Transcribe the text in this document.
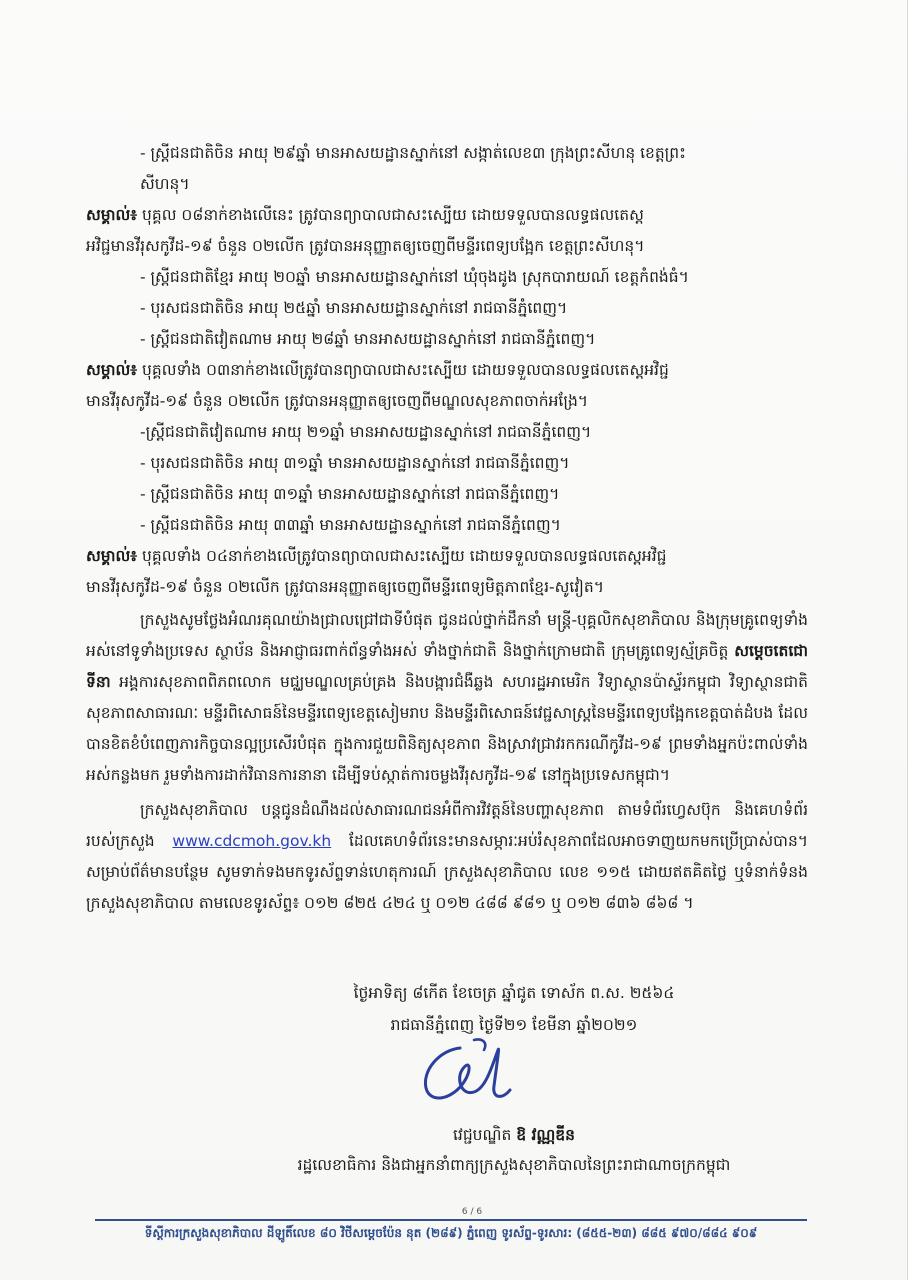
- ស្ត្រីជនជាតិចិន អាយុ ២៩ឆ្នាំ មានអាសយដ្ឋានស្នាក់នៅ សង្កាត់លេខ៣ ក្រុងព្រះសីហនុ ខេត្តព្រះ

សីហនុ។

សម្គាល់៖ បុគ្គល ០៨នាក់ខាងលើនេះ ត្រូវបានព្យាបាលជាសះស្បើយ ដោយទទួលបានលទ្ធផលតេស្ត

អវិជ្ជមានវីរុសកូវីដ-១៩ ចំនួន ០២លើក ត្រូវបានអនុញ្ញាតឲ្យចេញពីមន្ទីរពេទ្យបង្អែក ខេត្តព្រះសីហនុ។

- ស្ត្រីជនជាតិខ្មែរ អាយុ ២០ឆ្នាំ មានអាសយដ្ឋានស្នាក់នៅ ឃុំចុងដូង ស្រុកបារាយណ៍ ខេត្តកំពង់ធំ។

- បុរសជនជាតិចិន អាយុ ២៥ឆ្នាំ មានអាសយដ្ឋានស្នាក់នៅ រាជធានីភ្នំពេញ។

- ស្ត្រីជនជាតិវៀតណាម អាយុ ២៨ឆ្នាំ មានអាសយដ្ឋានស្នាក់នៅ រាជធានីភ្នំពេញ។

សម្គាល់៖ បុគ្គលទាំង ០៣នាក់ខាងលើត្រូវបានព្យាបាលជាសះស្បើយ ដោយទទួលបានលទ្ធផលតេស្តអវិជ្ជ

មានវីរុសកូវីដ-១៩ ចំនួន ០២លើក ត្រូវបានអនុញ្ញាតឲ្យចេញពីមណ្ឌលសុខភាពចាក់អង្រែ។

-ស្ត្រីជនជាតិវៀតណាម អាយុ ២១ឆ្នាំ មានអាសយដ្ឋានស្នាក់នៅ រាជធានីភ្នំពេញ។

- បុរសជនជាតិចិន អាយុ ៣១ឆ្នាំ មានអាសយដ្ឋានស្នាក់នៅ រាជធានីភ្នំពេញ។

- ស្ត្រីជនជាតិចិន អាយុ ៣១ឆ្នាំ មានអាសយដ្ឋានស្នាក់នៅ រាជធានីភ្នំពេញ។

- ស្ត្រីជនជាតិចិន អាយុ ៣៣ឆ្នាំ មានអាសយដ្ឋានស្នាក់នៅ រាជធានីភ្នំពេញ។

សម្គាល់៖ បុគ្គលទាំង ០៤នាក់ខាងលើត្រូវបានព្យាបាលជាសះស្បើយ ដោយទទួលបានលទ្ធផលតេស្តអវិជ្ជ

មានវីរុសកូវីដ-១៩ ចំនួន ០២លើក ត្រូវបានអនុញ្ញាតឲ្យចេញពីមន្ទីរពេទ្យមិត្តភាពខ្មែរ-សូវៀត។

ក្រសួងសូមថ្លែងអំណរគុណយ៉ាងជ្រាលជ្រៅជាទីបំផុត ជូនដល់ថ្នាក់ដឹកនាំ មន្ត្រី-បុគ្គលិកសុខាភិបាល និងក្រុមគ្រូពេទ្យទាំងអស់នៅទូទាំងប្រទេស ស្ថាប័ន និងអាជ្ញាធរពាក់ព័ន្ធទាំងអស់ ទាំងថ្នាក់ជាតិ និងថ្នាក់ក្រោមជាតិ ក្រុមគ្រូពេទ្យស្ម័គ្រចិត្ត សម្តេចតេជោ ទីនា អង្គការសុខភាពពិភពលោក មជ្ឈមណ្ឌលគ្រប់គ្រង និងបង្ការជំងឺឆ្លង សហរដ្ឋអាមេរិក វិទ្យាស្ថានប៉ាស្ទ័រកម្ពុជា វិទ្យាស្ថានជាតិសុខភាពសាធារណៈ មន្ទីរពិសោធន៍នៃមន្ទីរពេទ្យខេត្តសៀមរាប និងមន្ទីរពិសោធន៍វេជ្ជសាស្ត្រនៃមន្ទីរពេទ្យបង្អែកខេត្តបាត់ដំបង ដែលបានខិតខំបំពេញភារកិច្ចបានល្អប្រសើរបំផុត ក្នុងការជួយពិនិត្យសុខភាព និងស្រាវជ្រាវរកករណីកូវីដ-១៩ ព្រមទាំងអ្នកប៉ះពាល់ទាំងអស់កន្លងមក រួមទាំងការដាក់វិធានការនានា ដើម្បីទប់ស្កាត់ការចម្លងវីរុសកូវីដ-១៩ នៅក្នុងប្រទេសកម្ពុជា។

ក្រសួងសុខាភិបាល បន្តជូនដំណឹងដល់សាធារណជនអំពីការវិវត្តន៍នៃបញ្ហាសុខភាព តាមទំព័រហ្វេសប៊ុក និងគេហទំព័ររបស់ក្រសួង www.cdcmoh.gov.kh ដែលគេហទំព័រនេះមានសម្ភារៈអប់រំសុខភាពដែលអាចទាញយកមកប្រើប្រាស់បាន។ សម្រាប់ព័ត៌មានបន្ថែម សូមទាក់ទងមកទូរស័ព្ទទាន់ហេតុការណ៍ ក្រសួងសុខាភិបាល លេខ ១១៥ ដោយឥតគិតថ្លៃ ឬទំនាក់ទំនងក្រសួងសុខាភិបាល តាមលេខទូរស័ព្ទ៖ ០១២ ៨២៥ ៤២៤ ឬ ០១២ ៤៨៨ ៩៨១ ឬ ០១២ ៨៣៦ ៨៦៨ ។

ថ្ងៃអាទិត្យ ៨កើត ខែចេត្រ ឆ្នាំជូត ទោស័ក ព.ស. ២៥៦៤

រាជធានីភ្នំពេញ ថ្ងៃទី២១ ខែមីនា ឆ្នាំ២០២១

វេជ្ជបណ្ឌិត ឱ វណ្ណឌីន

រដ្ឋលេខាធិការ និងជាអ្នកនាំពាក្យក្រសួងសុខាភិបាលនៃព្រះរាជាណាចក្រកម្ពុជា

6 / 6
ទីស្តីការក្រសួងសុខាភិបាល ដីឡូតិ៍លេខ ៨០ វិថីសម្តេចប៉ែន នុត (២៨៩) ភ្នំពេញ ទូរស័ព្ទ-ទូរសារ: (៨៥៥-២៣) ៨៨៥ ៩៧០/៨៨៤ ៩០៩
